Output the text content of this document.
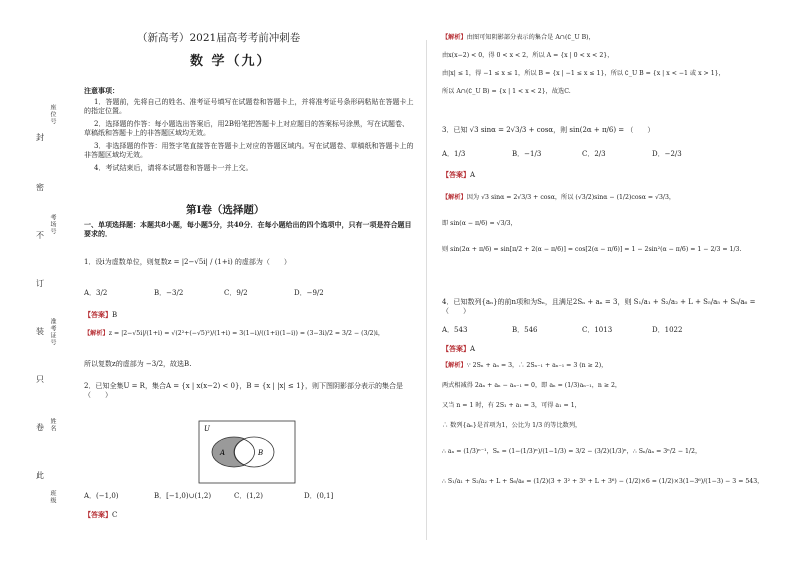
封
密
不
订
装
只
卷
此
座位号
考场号
准考证号
姓名
班级
（新高考）2021届高考考前冲刺卷
数 学（九）
注意事项：
1．答题前，先将自己的姓名、准考证号填写在试题卷和答题卡上，并将准考证号条形码粘贴在答题卡上的指定位置。
2．选择题的作答：每小题选出答案后，用2B铅笔把答题卡上对应题目的答案标号涂黑，写在试题卷、草稿纸和答题卡上的非答题区域均无效。
3．非选择题的作答：用签字笔直接答在答题卡上对应的答题区域内。写在试题卷、草稿纸和答题卡上的非答题区域均无效。
4．考试结束后，请将本试题卷和答题卡一并上交。
第Ⅰ卷（选择题）
一、单项选择题：本题共8小题，每小题5分，共40分．在每小题给出的四个选项中，只有一项是符合题目要求的．
1．设i为虚数单位，则复数z = |2−√5i| / (1+i) 的虚部为（　　）
A．3/2	B．−3/2	C．9/2	D．−9/2
【答案】B
【解析】z = |2−√5i|/(1+i) = √(2²+(−√5)²)/(1+i) = 3(1−i)/((1+i)(1−i)) = (3−3i)/2 = 3/2 − (3/2)i，
所以复数z的虚部为 −3/2，故选B.
2．已知全集U = R，集合A = {x | x(x−2) < 0}，B = {x | |x| ≤ 1}，则下图阴影部分表示的集合是（　　）
U
A	B
A．(−1,0)	B．[−1,0)∪(1,2)	C．(1,2)	D．(0,1]
【答案】C
【解析】由图可知阴影部分表示的集合是 A∩(∁_U B)，
由x(x−2) < 0，得 0 < x < 2，所以 A = {x | 0 < x < 2}，
由|x| ≤ 1，得 −1 ≤ x ≤ 1，所以 B = {x | −1 ≤ x ≤ 1}，所以 ∁_U B = {x | x < −1 或 x > 1}，
所以 A∩(∁_U B) = {x | 1 < x < 2}，故选C.
3．已知 √3 sinα = 2√3/3 + cosα，则 sin(2α + π/6) = （　　）
A．1/3	B．−1/3	C．2/3	D．−2/3
【答案】A
【解析】因为 √3 sinα = 2√3/3 + cosα，所以 (√3/2)sinα − (1/2)cosα = √3/3，
即 sin(α − π/6) = √3/3，
则 sin(2α + π/6) = sin[π/2 + 2(α − π/6)] = cos[2(α − π/6)] = 1 − 2sin²(α − π/6) = 1 − 2/3 = 1/3.
4．已知数列{aₙ}的前n项和为Sₙ，且满足2Sₙ + aₙ = 3，则 S₁/a₁ + S₂/a₂ + L + S₅/a₅ + S₆/a₆ = （　　）
A．543	B．546	C．1013	D．1022
【答案】A
【解析】∵ 2Sₙ + aₙ = 3，∴ 2Sₙ₋₁ + aₙ₋₁ = 3 (n ≥ 2)，
两式相减得 2aₙ + aₙ − aₙ₋₁ = 0，即 aₙ = (1/3)aₙ₋₁，n ≥ 2，
又当 n = 1 时，有 2S₁ + a₁ = 3，可得 a₁ = 1，
∴ 数列{aₙ}是首项为1，公比为 1/3 的等比数列，
∴ aₙ = (1/3)ⁿ⁻¹，Sₙ = (1−(1/3)ⁿ)/(1−1/3) = 3/2 − (3/2)(1/3)ⁿ，∴ Sₙ/aₙ = 3ⁿ/2 − 1/2，
∴ S₁/a₁ + S₂/a₂ + L + S₆/a₆ = (1/2)(3 + 3² + 3³ + L + 3⁶) − (1/2)×6 = (1/2)×3(1−3⁶)/(1−3) − 3 = 543，
